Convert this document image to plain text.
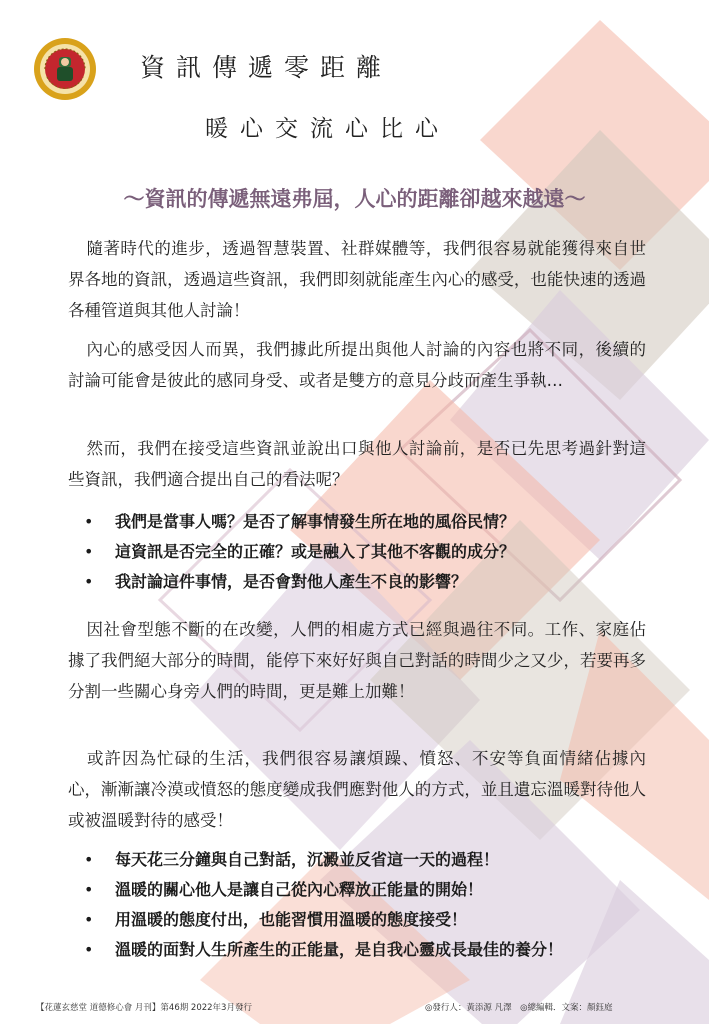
資訊傳遞零距離
暖心交流心比心
～資訊的傳遞無遠弗屆，人心的距離卻越來越遠～
隨著時代的進步，透過智慧裝置、社群媒體等，我們很容易就能獲得來自世界各地的資訊，透過這些資訊，我們即刻就能產生內心的感受，也能快速的透過各種管道與其他人討論！
內心的感受因人而異，我們據此所提出與他人討論的內容也將不同，後續的討論可能會是彼此的感同身受、或者是雙方的意見分歧而產生爭執…
然而，我們在接受這些資訊並說出口與他人討論前，是否已先思考過針對這些資訊，我們適合提出自己的看法呢？
• 我們是當事人嗎？是否了解事情發生所在地的風俗民情？
• 這資訊是否完全的正確？或是融入了其他不客觀的成分？
• 我討論這件事情，是否會對他人產生不良的影響？
因社會型態不斷的在改變，人們的相處方式已經與過往不同。工作、家庭佔據了我們絕大部分的時間，能停下來好好與自己對話的時間少之又少，若要再多分割一些關心身旁人們的時間，更是難上加難！
或許因為忙碌的生活，我們很容易讓煩躁、憤怒、不安等負面情緒佔據內心，漸漸讓冷漠或憤怒的態度變成我們應對他人的方式，並且遺忘溫暖對待他人或被溫暖對待的感受！
• 每天花三分鐘與自己對話，沉澱並反省這一天的過程！
• 溫暖的關心他人是讓自己從內心釋放正能量的開始！
• 用溫暖的態度付出，也能習慣用溫暖的態度接受！
• 溫暖的面對人生所產生的正能量，是自我心靈成長最佳的養分！
【花蓮玄慈堂 道德修心會 月刊】第46期 2022年3月發行	◎發行人：黃添源 凡澤　◎總編輯．文案：顏鈺庭
